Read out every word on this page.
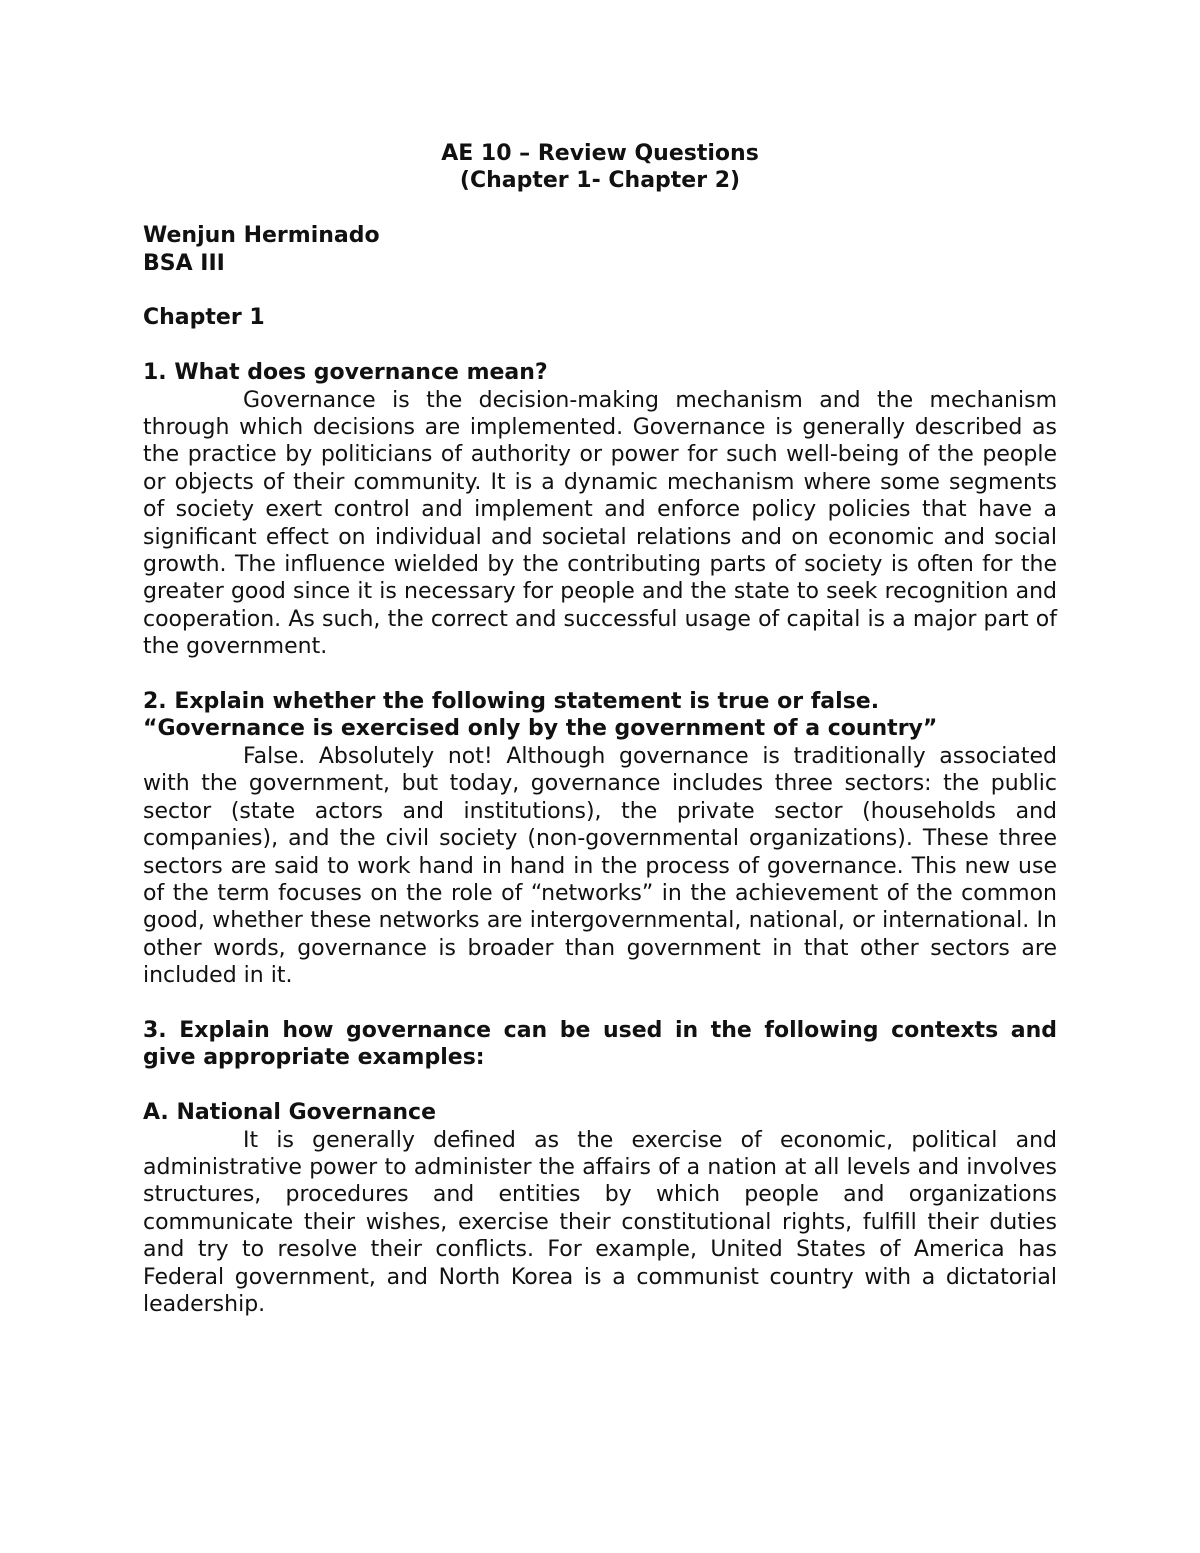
AE 10 – Review Questions

(Chapter 1- Chapter 2)

Wenjun Herminado

BSA III

Chapter 1

1. What does governance mean?

Governance is the decision-making mechanism and the mechanism through which decisions are implemented. Governance is generally described as the practice by politicians of authority or power for such well-being of the people or objects of their community. It is a dynamic mechanism where some segments of society exert control and implement and enforce policy policies that have a significant effect on individual and societal relations and on economic and social growth. The influence wielded by the contributing parts of society is often for the greater good since it is necessary for people and the state to seek recognition and cooperation. As such, the correct and successful usage of capital is a major part of the government.

2. Explain whether the following statement is true or false.

“Governance is exercised only by the government of a country”

False. Absolutely not! Although governance is traditionally associated with the government, but today, governance includes three sectors: the public sector (state actors and institutions), the private sector (households and companies), and the civil society (non-governmental organizations). These three sectors are said to work hand in hand in the process of governance. This new use of the term focuses on the role of “networks” in the achievement of the common good, whether these networks are intergovernmental, national, or international. In other words, governance is broader than government in that other sectors are included in it.

3. Explain how governance can be used in the following contexts and give appropriate examples:

A. National Governance

It is generally defined as the exercise of economic, political and administrative power to administer the affairs of a nation at all levels and involves structures, procedures and entities by which people and organizations communicate their wishes, exercise their constitutional rights, fulfill their duties and try to resolve their conflicts. For example, United States of America has Federal government, and North Korea is a communist country with a dictatorial leadership.
